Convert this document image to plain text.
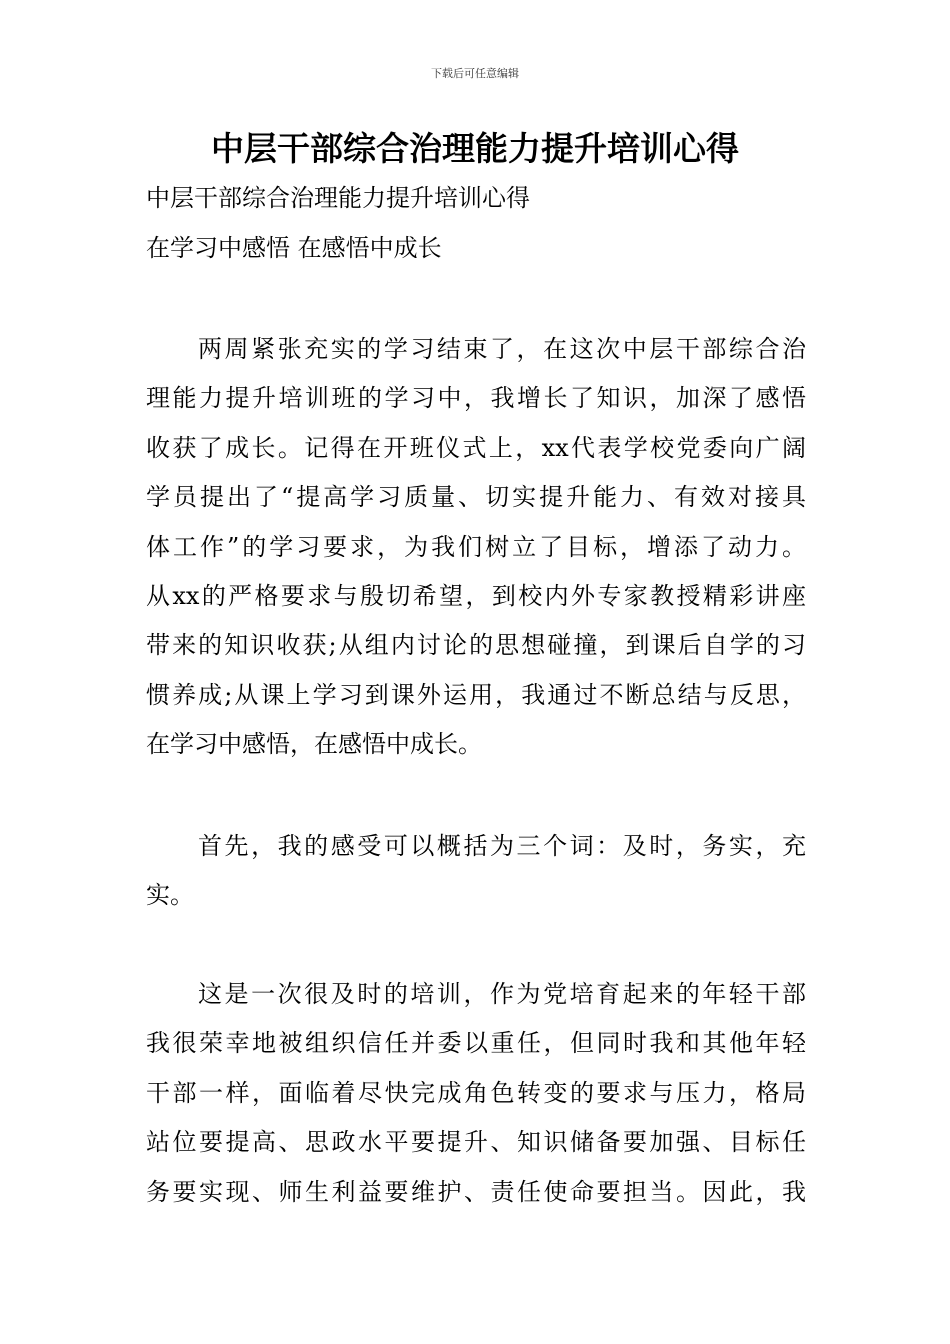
下载后可任意编辑
中层干部综合治理能力提升培训心得

中层干部综合治理能力提升培训心得

在学习中感悟 在感悟中成长

两周紧张充实的学习结束了，在这次中层干部综合治
理能力提升培训班的学习中，我增长了知识，加深了感悟
收获了成长。记得在开班仪式上，xx代表学校党委向广阔
学员提出了“提高学习质量、切实提升能力、有效对接具
体工作”的学习要求，为我们树立了目标，增添了动力。
从xx的严格要求与殷切希望，到校内外专家教授精彩讲座
带来的知识收获;从组内讨论的思想碰撞，到课后自学的习
惯养成;从课上学习到课外运用，我通过不断总结与反思，
在学习中感悟，在感悟中成长。
首先，我的感受可以概括为三个词：及时，务实，充
实。
这是一次很及时的培训，作为党培育起来的年轻干部
我很荣幸地被组织信任并委以重任，但同时我和其他年轻
干部一样，面临着尽快完成角色转变的要求与压力，格局
站位要提高、思政水平要提升、知识储备要加强、目标任
务要实现、师生利益要维护、责任使命要担当。因此，我
